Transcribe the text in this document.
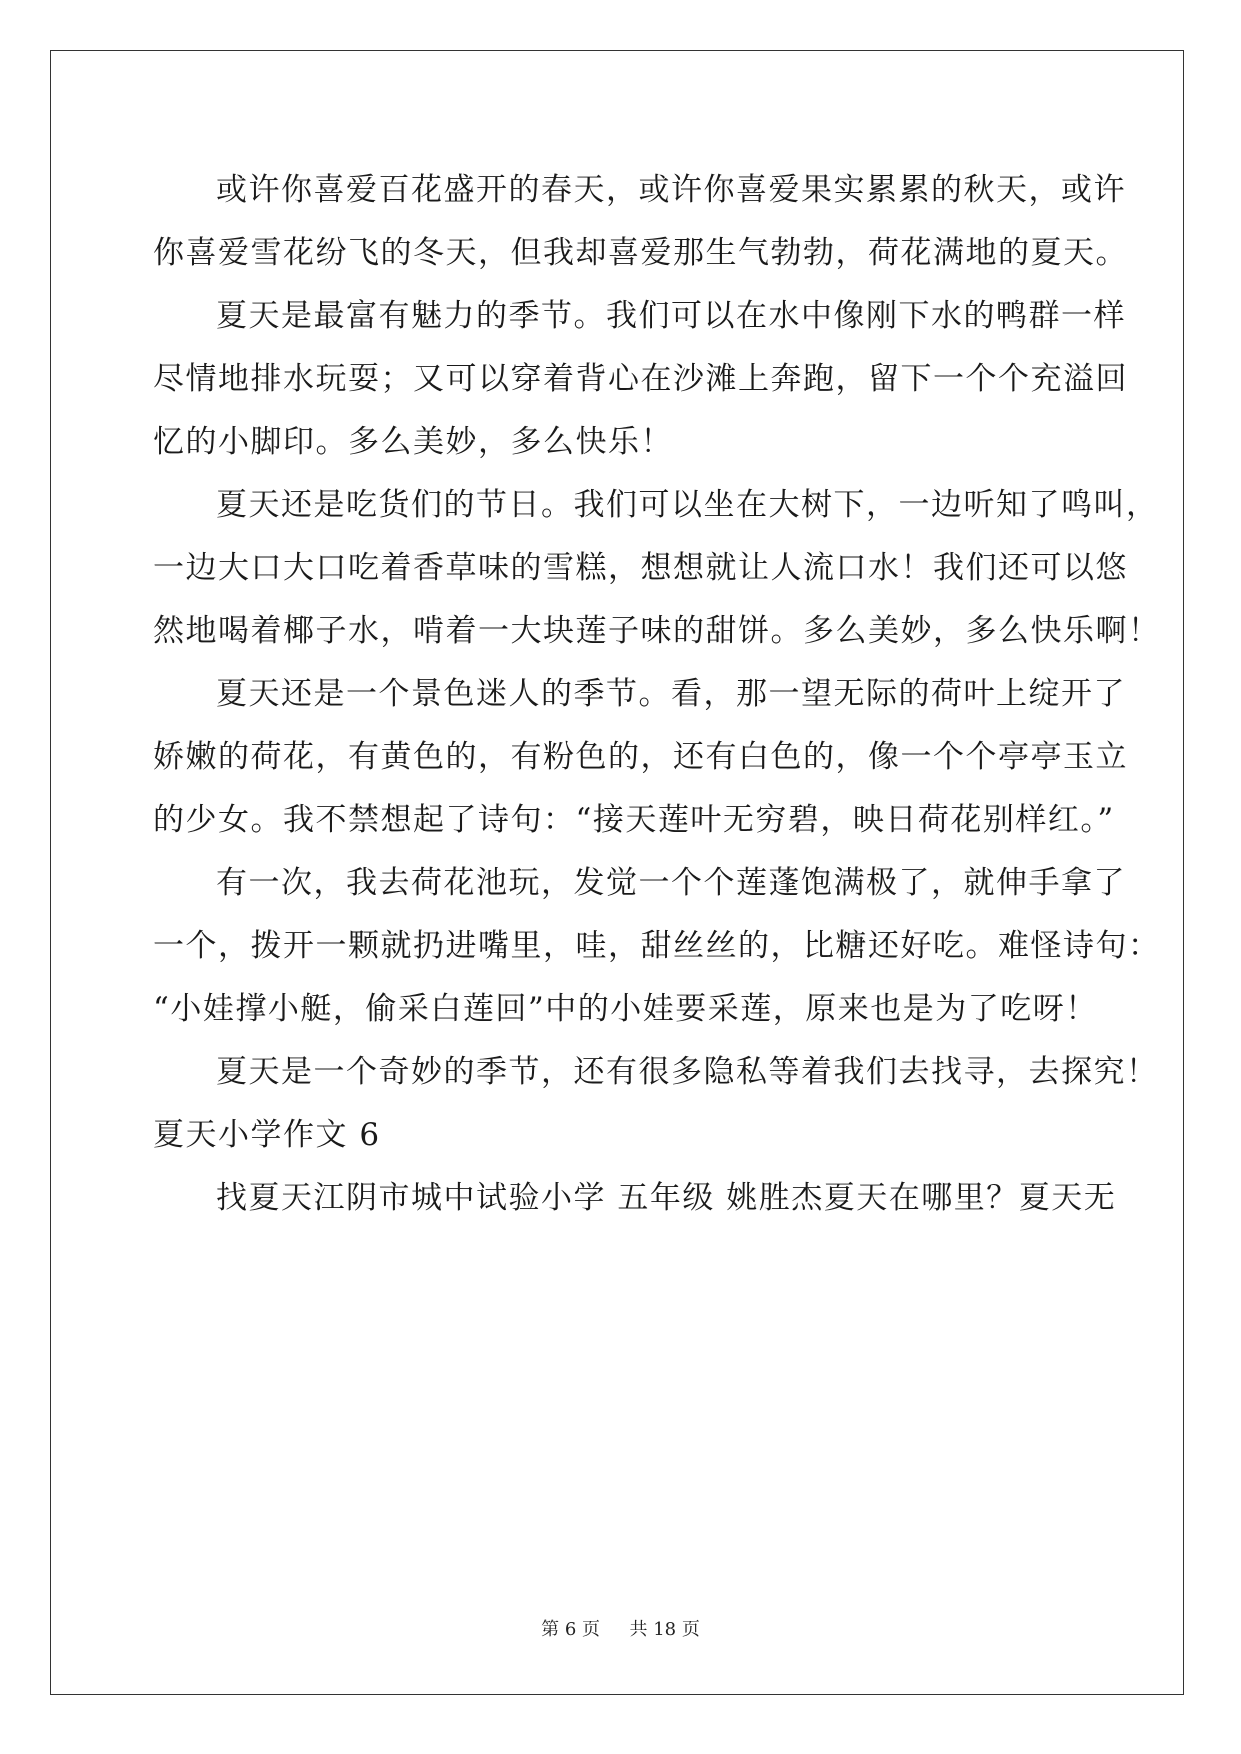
或许你喜爱百花盛开的春天，或许你喜爱果实累累的秋天，或许
你喜爱雪花纷飞的冬天，但我却喜爱那生气勃勃，荷花满地的夏天。
夏天是最富有魅力的季节。我们可以在水中像刚下水的鸭群一样
尽情地排水玩耍；又可以穿着背心在沙滩上奔跑，留下一个个充溢回
忆的小脚印。多么美妙，多么快乐！
夏天还是吃货们的节日。我们可以坐在大树下，一边听知了鸣叫，
一边大口大口吃着香草味的雪糕，想想就让人流口水！我们还可以悠
然地喝着椰子水，啃着一大块莲子味的甜饼。多么美妙，多么快乐啊！
夏天还是一个景色迷人的季节。看，那一望无际的荷叶上绽开了
娇嫩的荷花，有黄色的，有粉色的，还有白色的，像一个个亭亭玉立
的少女。我不禁想起了诗句：“接天莲叶无穷碧，映日荷花别样红。”
有一次，我去荷花池玩，发觉一个个莲蓬饱满极了，就伸手拿了
一个，拨开一颗就扔进嘴里，哇，甜丝丝的，比糖还好吃。难怪诗句：
“小娃撑小艇，偷采白莲回”中的小娃要采莲，原来也是为了吃呀！
夏天是一个奇妙的季节，还有很多隐私等着我们去找寻，去探究！
夏天小学作文 6
找夏天江阴市城中试验小学 五年级 姚胜杰夏天在哪里？夏天无
第 6 页 共 18 页
